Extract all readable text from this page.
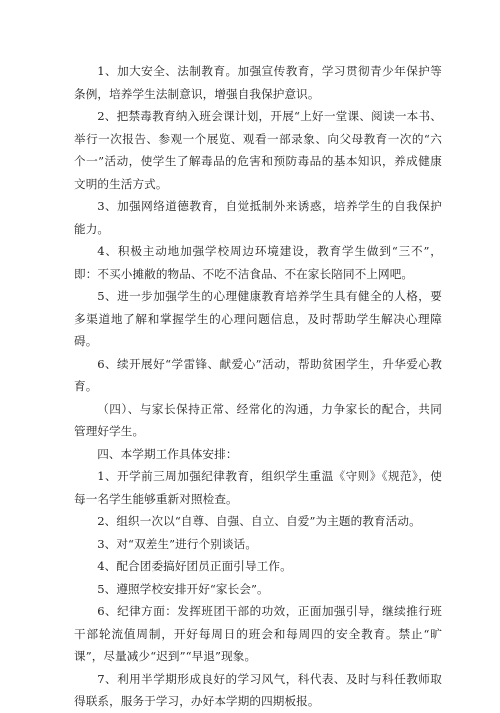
1、加大安全、法制教育。加强宣传教育，学习贯彻青少年保护等条例，培养学生法制意识，增强自我保护意识。

2、把禁毒教育纳入班会课计划，开展“上好一堂课、阅读一本书、举行一次报告、参观一个展览、观看一部录象、向父母教育一次的“六个一”活动，使学生了解毒品的危害和预防毒品的基本知识，养成健康文明的生活方式。

3、加强网络道德教育，自觉抵制外来诱惑，培养学生的自我保护能力。

4、积极主动地加强学校周边环境建设，教育学生做到“三不”，即：不买小摊敝的物品、不吃不洁食品、不在家长陪同不上网吧。

5、进一步加强学生的心理健康教育培养学生具有健全的人格，要多渠道地了解和掌握学生的心理问题信息，及时帮助学生解决心理障碍。

6、续开展好“学雷锋、献爱心”活动，帮助贫困学生，升华爱心教育。

（四）、与家长保持正常、经常化的沟通，力争家长的配合，共同管理好学生。

四、本学期工作具体安排：

1、开学前三周加强纪律教育，组织学生重温《守则》《规范》，使每一名学生能够重新对照检查。

2、组织一次以“自尊、自强、自立、自爱”为主题的教育活动。

3、对“双差生”进行个别谈话。

4、配合团委搞好团员正面引导工作。

5、遵照学校安排开好“家长会”。

6、纪律方面：发挥班团干部的功效，正面加强引导，继续推行班干部轮流值周制，开好每周日的班会和每周四的安全教育。禁止“旷课”，尽量减少“迟到”“早退”现象。

7、利用半学期形成良好的学习风气，科代表、及时与科任教师取得联系，服务于学习，办好本学期的四期板报。
